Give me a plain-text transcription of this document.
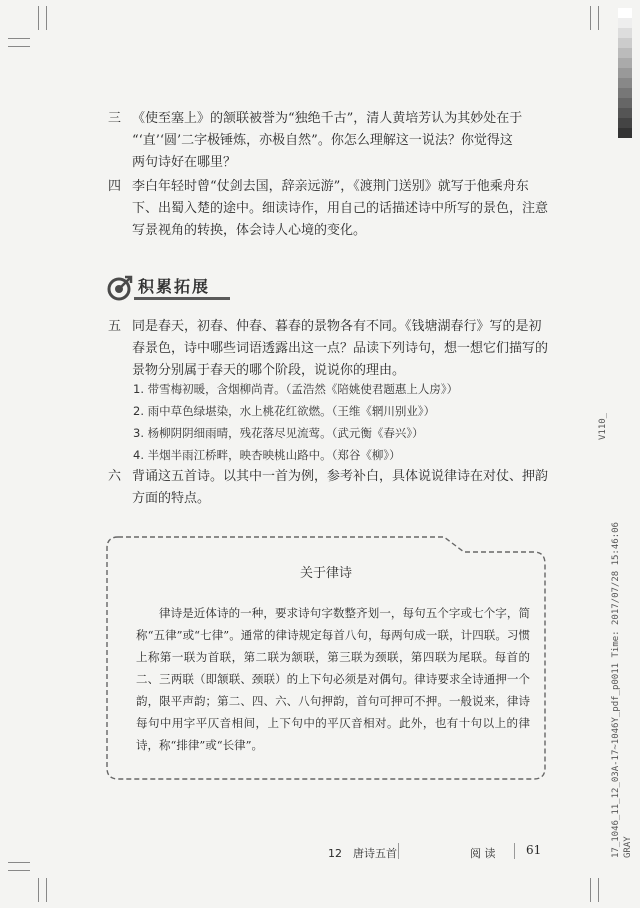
三 《使至塞上》的颔联被誉为“独绝千古”，清人黄培芳认为其妙处在于
“‘直’‘圆’二字极锤炼，亦极自然”。你怎么理解这一说法？你觉得这
两句诗好在哪里？
四 李白年轻时曾“仗剑去国，辞亲远游”，《渡荆门送别》就写于他乘舟东
下、出蜀入楚的途中。细读诗作，用自己的话描述诗中所写的景色，注意
写景视角的转换，体会诗人心境的变化。
积累拓展
五 同是春天，初春、仲春、暮春的景物各有不同。《钱塘湖春行》写的是初
春景色，诗中哪些词语透露出这一点？品读下列诗句，想一想它们描写的
景物分别属于春天的哪个阶段，说说你的理由。
1. 带雪梅初暖，含烟柳尚青。（孟浩然《陪姚使君题惠上人房》）
2. 雨中草色绿堪染，水上桃花红欲燃。（王维《辋川别业》）
3. 杨柳阴阴细雨晴，残花落尽见流莺。（武元衡《春兴》）
4. 半烟半雨江桥畔，映杏映桃山路中。（郑谷《柳》）
六 背诵这五首诗。以其中一首为例，参考补白，具体说说律诗在对仗、押韵
方面的特点。
关于律诗
律诗是近体诗的一种，要求诗句字数整齐划一，每句五个字或七个字，简称“五律”或“七律”。通常的律诗规定每首八句，每两句成一联，计四联。习惯上称第一联为首联，第二联为颔联，第三联为颈联，第四联为尾联。每首的二、三两联（即颔联、颈联）的上下句必须是对偶句。律诗要求全诗通押一个韵，限平声韵；第二、四、六、八句押韵，首句可押可不押。一般说来，律诗每句中用字平仄音相间，上下句中的平仄音相对。此外，也有十句以上的律诗，称“排律”或“长律”。
12　唐诗五首	阅 读	61
V110_
17_1046_11_12_03A-17~1046Y_pdf_p0011 Time: 2017/07/28 15:46:06 GRAY
